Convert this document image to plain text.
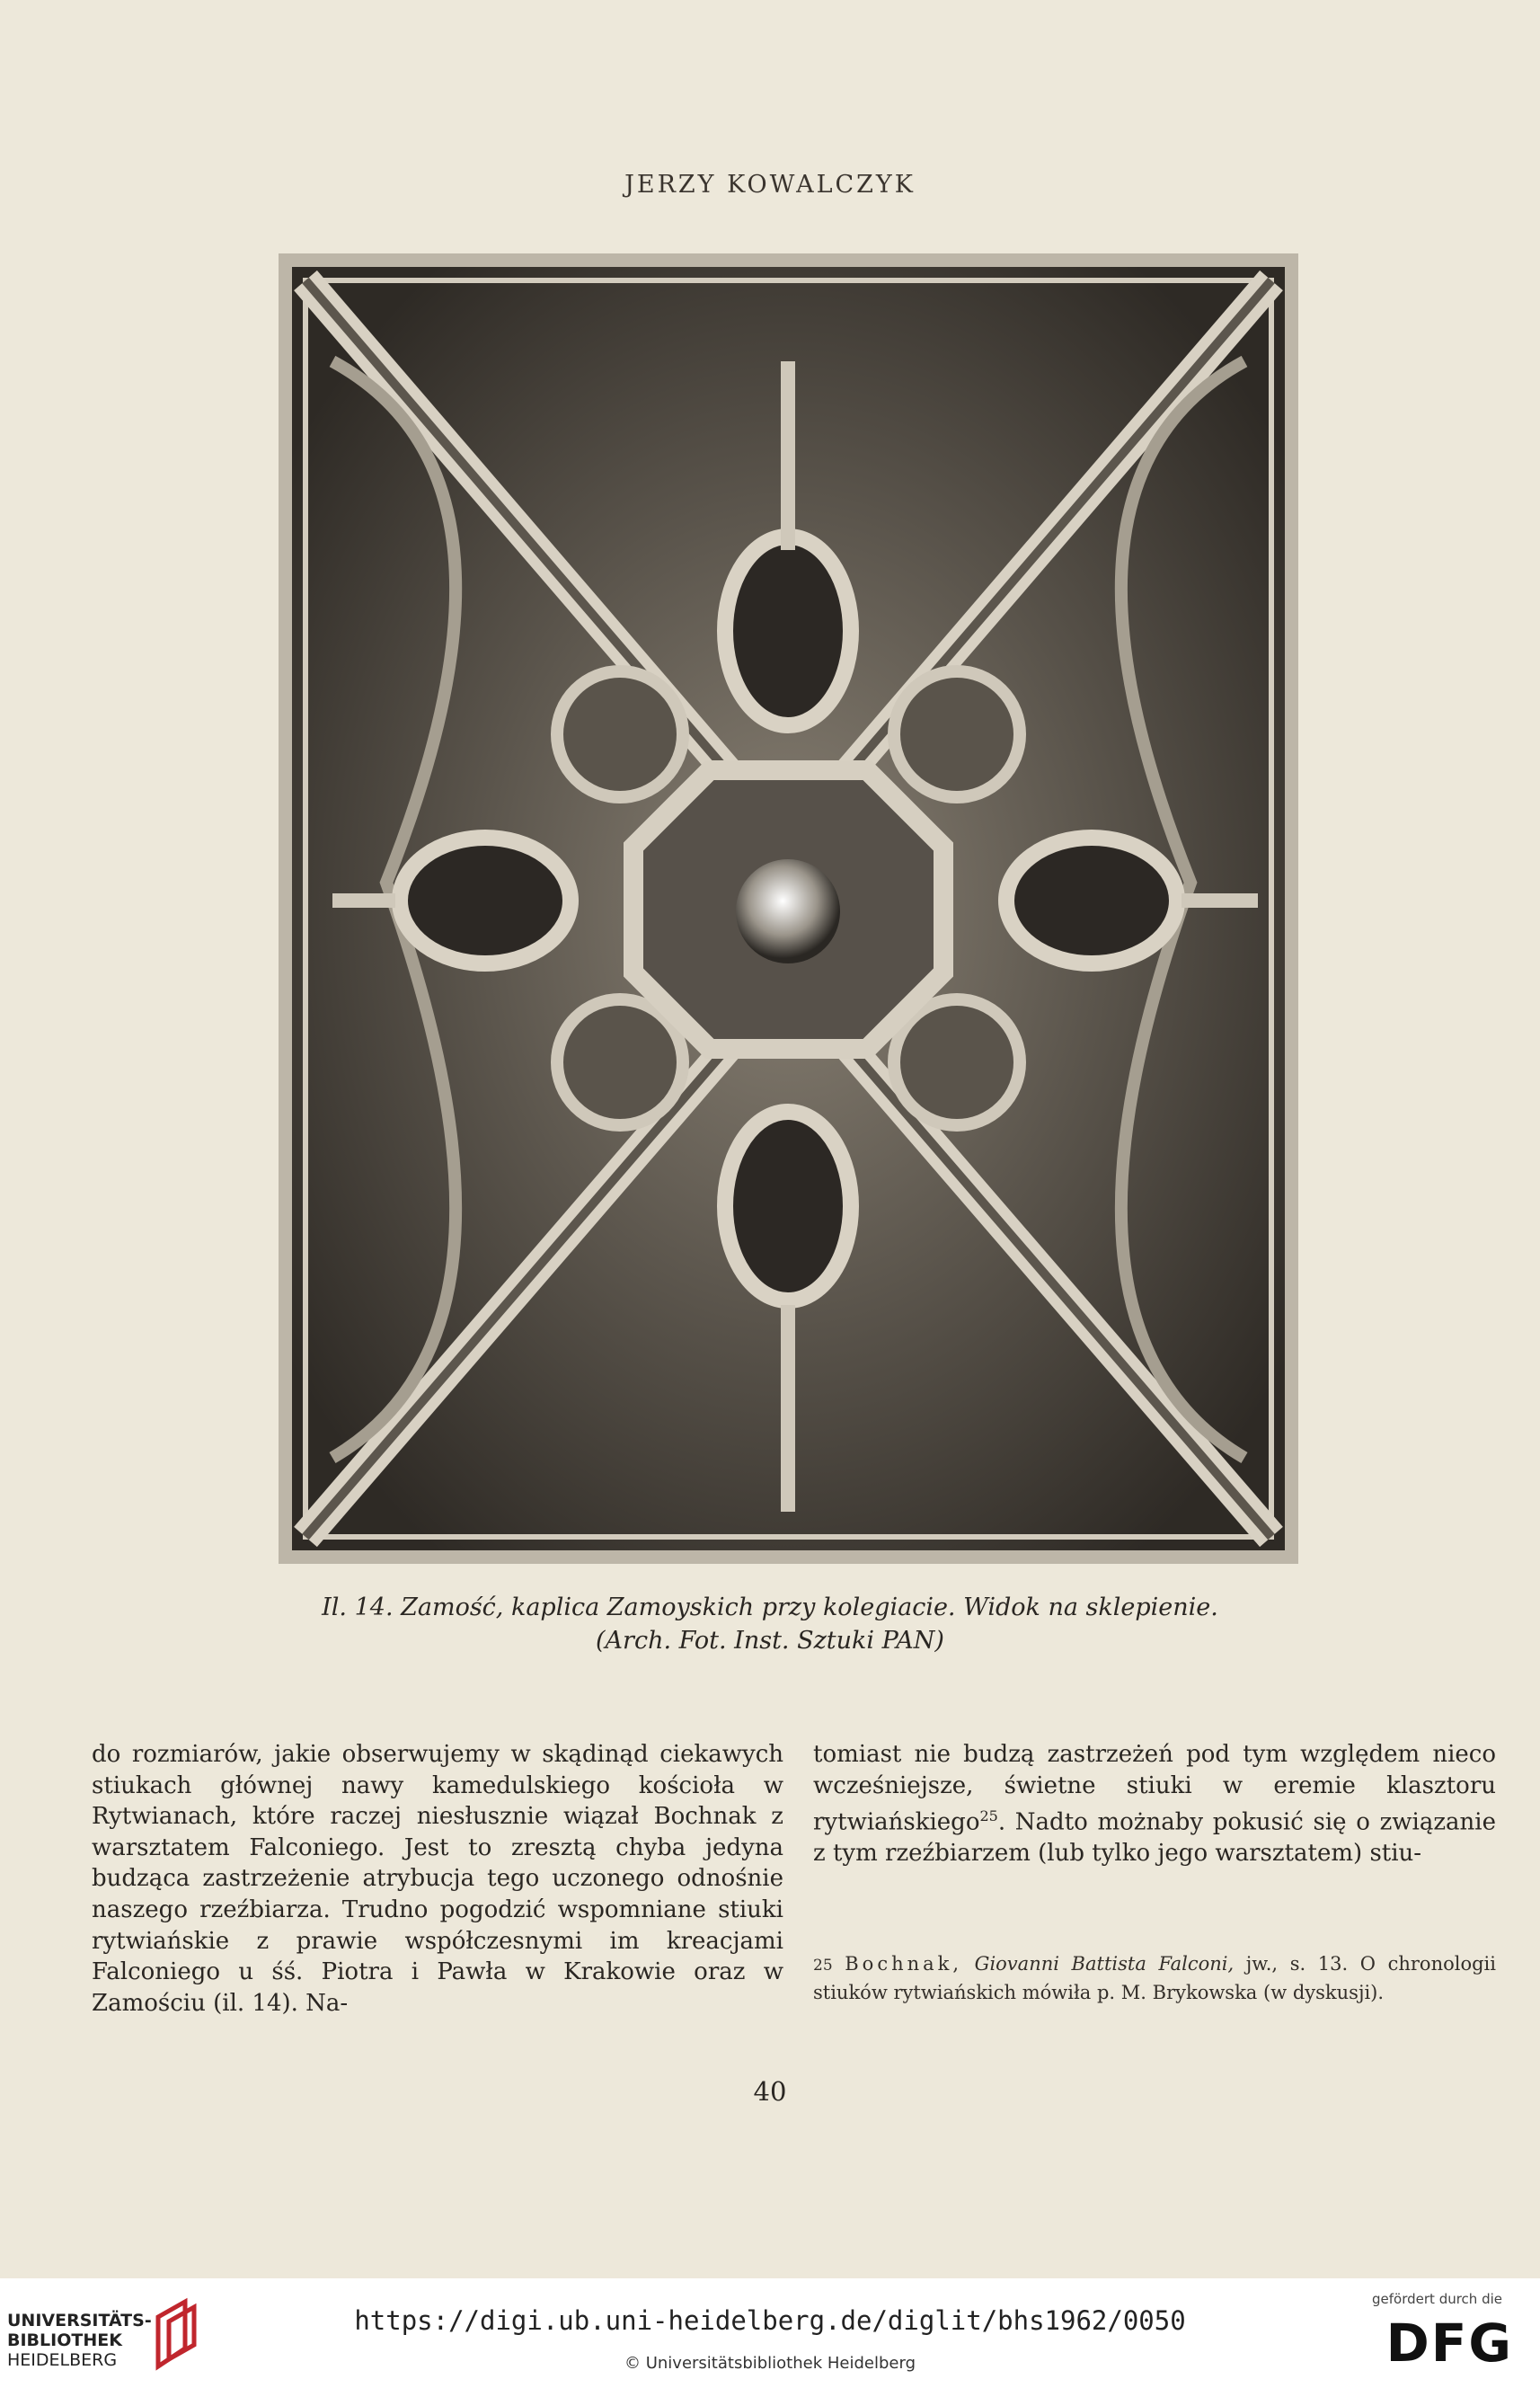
JERZY KOWALCZYK
Il. 14. Zamość, kaplica Zamoyskich przy kolegiacie. Widok na sklepienie.
(Arch. Fot. Inst. Sztuki PAN)
do rozmiarów, jakie obserwujemy w skądinąd ciekawych stiukach głównej nawy kamedulskiego kościoła w Rytwianach, które raczej niesłusznie wiązał Bochnak z warsztatem Falconiego. Jest to zresztą chyba jedyna budząca zastrzeżenie atrybucja tego uczonego odnośnie naszego rzeźbiarza. Trudno pogodzić wspomniane stiuki rytwiańskie z prawie współczesnymi im kreacjami Falconiego u śś. Piotra i Pawła w Krakowie oraz w Zamościu (il. 14). Na-
tomiast nie budzą zastrzeżeń pod tym względem nieco wcześniejsze, świetne stiuki w eremie klasztoru rytwiańskiego$^{25}$. Nadto możnaby pokusić się o związanie z tym rzeźbiarzem (lub tylko jego warsztatem) stiu-
25 Bochnak, Giovanni Battista Falconi, jw., s. 13. O chronologii stiuków rytwiańskich mówiła p. M. Brykowska (w dyskusji).
40
UNIVERSITÄTS-
BIBLIOTHEK
HEIDELBERG
https://digi.ub.uni-heidelberg.de/diglit/bhs1962/0050
© Universitätsbibliothek Heidelberg
gefördert durch die
DFG
